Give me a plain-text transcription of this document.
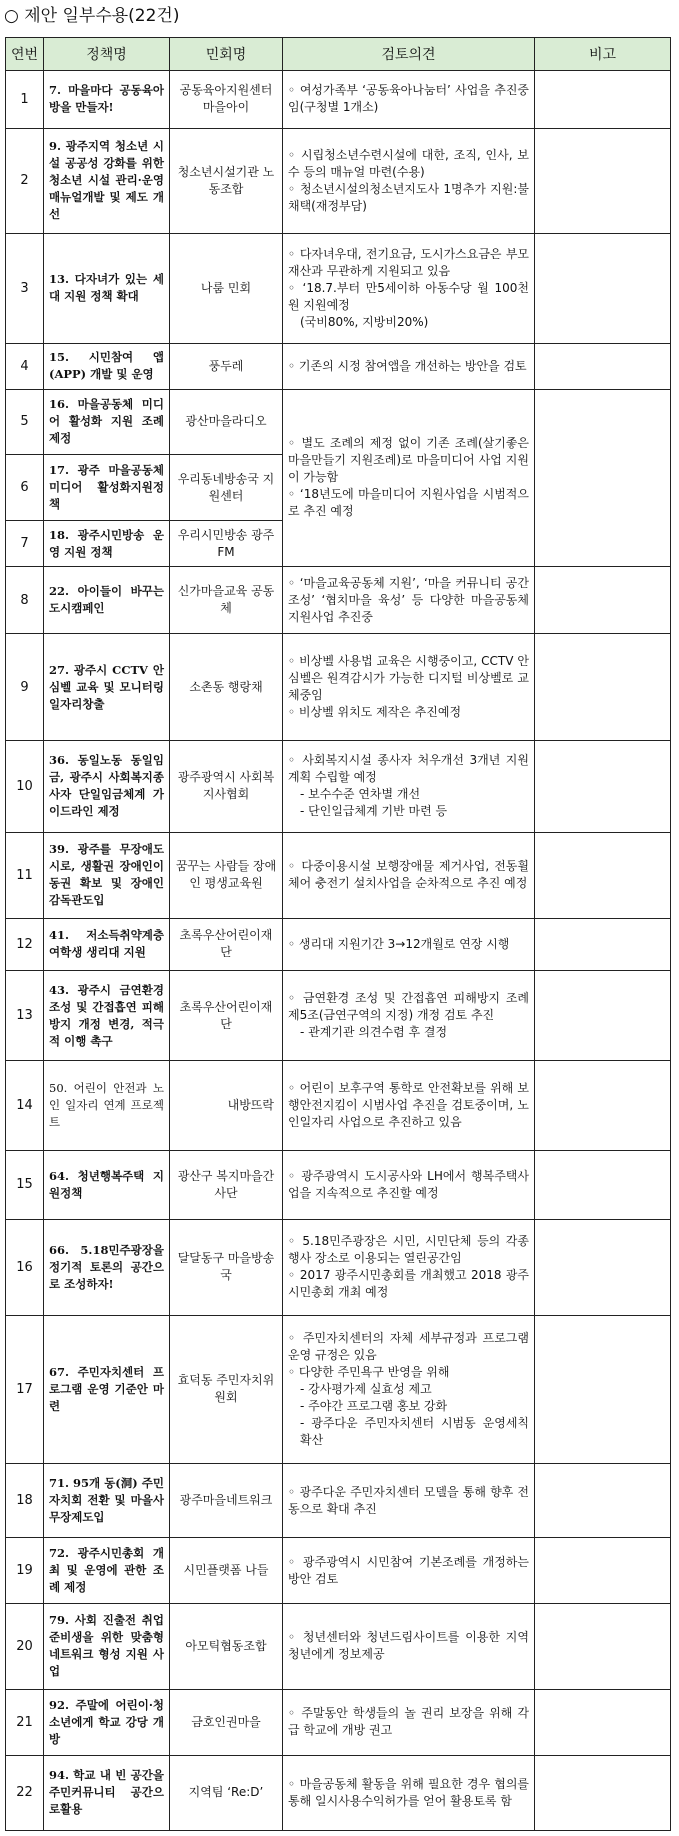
○ 제안 일부수용(22건)
연번	정책명	민회명	검토의견	비고
1	7. 마을마다 공동육아방을 만들자!	공동육아지원센터 마을아이	◦ 여성가족부 ‘공동육아나눔터’ 사업을 추진중임(구청별 1개소)	

2	9. 광주지역 청소년 시설 공공성 강화를 위한 청소년 시설 관리·운영 매뉴얼개발 및 제도 개선	청소년시설기관 노동조합	◦ 시립청소년수련시설에 대한, 조직, 인사, 보수 등의 매뉴얼 마련(수용)
◦ 청소년시설의청소년지도사 1명추가 지원:불채택(재정부담)	

3	13. 다자녀가 있는 세대 지원 정책 확대	나룸 민회	◦ 다자녀우대, 전기요금, 도시가스요금은 부모재산과 무관하게 지원되고 있음
◦ ‘18.7.부터 만5세이하 아동수당 월 100천원 지원예정
(국비80%, 지방비20%)	

4	15. 시민참여 앱(APP) 개발 및 운영	풍두레	◦ 기존의 시정 참여앱을 개선하는 방안을 검토	

5	16. 마을공동체 미디어 활성화 지원 조례 제정	광산마을라디오	◦ 별도 조례의 제정 없이 기존 조례(살기좋은 마을만들기 지원조례)로 마을미디어 사업 지원이 가능함
◦ ‘18년도에 마을미디어 지원사업을 시범적으로 추진 예정	

6	17. 광주 마을공동체 미디어 활성화지원정책	우리동네방송국 지원센터		
7	18. 광주시민방송 운영 지원 정책	우리시민방송 광주 FM		
8	22. 아이들이 바꾸는 도시캠페인	신가마을교육 공동체	◦ ‘마을교육공동체 지원’, ‘마을 커뮤니티 공간 조성’ ‘협치마을 육성’ 등 다양한 마을공동체 지원사업 추진중	

9	27. 광주시 CCTV 안심벨 교육 및 모니터링 일자리창출	소촌동 행랑채	◦ 비상벨 사용법 교육은 시행중이고, CCTV 안심벨은 원격감시가 가능한 디지털 비상벨로 교체중임
◦ 비상벨 위치도 제작은 추진예정	

10	36. 동일노동 동일임금, 광주시 사회복지종사자 단일임금체계 가이드라인 제정	광주광역시 사회복지사협회	◦ 사회복지시설 종사자 처우개선 3개년 지원계획 수립할 예정
- 보수수준 연차별 개선
- 단인일급체계 기반 마련 등	

11	39. 광주를 무장애도시로, 생활권 장애인이동권 확보 및 장애인 감독관도입	꿈꾸는 사람들 장애인 평생교육원	◦ 다중이용시설 보행장애물 제거사업, 전동휠체어 충전기 설치사업을 순차적으로 추진 예정	

12	41. 저소득취약계층 여학생 생리대 지원	초록우산어린이재단	◦ 생리대 지원기간 3→12개월로 연장 시행	

13	43. 광주시 금연환경조성 및 간접흡연 피해방지 개정 변경, 적극적 이행 촉구	초록우산어린이재단	◦ 금연환경 조성 및 간접흡연 피해방지 조례 제5조(금연구역의 지정) 개정 검토 추진
- 관계기관 의견수렴 후 결정	

14	50. 어린이 안전과 노인 일자리 연계 프로젝트	내방뜨락	◦ 어린이 보후구역 통학로 안전확보를 위해 보행안전지킴이 시범사업 추진을 검토중이며, 노인일자리 사업으로 추진하고 있음	

15	64. 청년행복주택 지원정책	광산구 복지마을간 사단	◦ 광주광역시 도시공사와 LH에서 행복주택사업을 지속적으로 추진할 예정	

16	66. 5.18민주광장을 정기적 토론의 공간으로 조성하자!	달달동구 마을방송국	◦ 5.18민주광장은 시민, 시민단체 등의 각종 행사 장소로 이용되는 열린공간임
◦ 2017 광주시민총회를 개최했고 2018 광주시민총회 개최 예정	

17	67. 주민자치센터 프로그램 운영 기준안 마련	효덕동 주민자치위원회	◦ 주민자치센터의 자체 세부규정과 프로그램 운영 규정은 있음
◦ 다양한 주민욕구 반영을 위해
- 강사평가제 실효성 제고
- 주야간 프로그램 홍보 강화
- 광주다운 주민자치센터 시범동 운영세칙 확산	

18	71. 95개 동(洞) 주민자치회 전환 및 마을사무장제도입	광주마을네트워크	◦ 광주다운 주민자치센터 모델을 통해 향후 전 동으로 확대 추진	

19	72. 광주시민총회 개최 및 운영에 관한 조례 제정	시민플랫폼 나들	◦ 광주광역시 시민참여 기본조례를 개정하는 방안 검토	

20	79. 사회 진출전 취업준비생을 위한 맞춤형 네트워크 형성 지원 사업	아모틱협동조합	◦ 청년센터와 청년드림사이트를 이용한 지역청년에게 정보제공	

21	92. 주말에 어린이·청소년에게 학교 강당 개방	금호인권마을	◦ 주말동안 학생들의 놀 권리 보장을 위해 각급 학교에 개방 권고	

22	94. 학교 내 빈 공간을 주민커뮤니티 공간으로활용	지역팀 ‘Re:D’	◦ 마을공동체 활동을 위해 필요한 경우 협의를 통해 일시사용수익허가를 얻어 활용토록 함	
